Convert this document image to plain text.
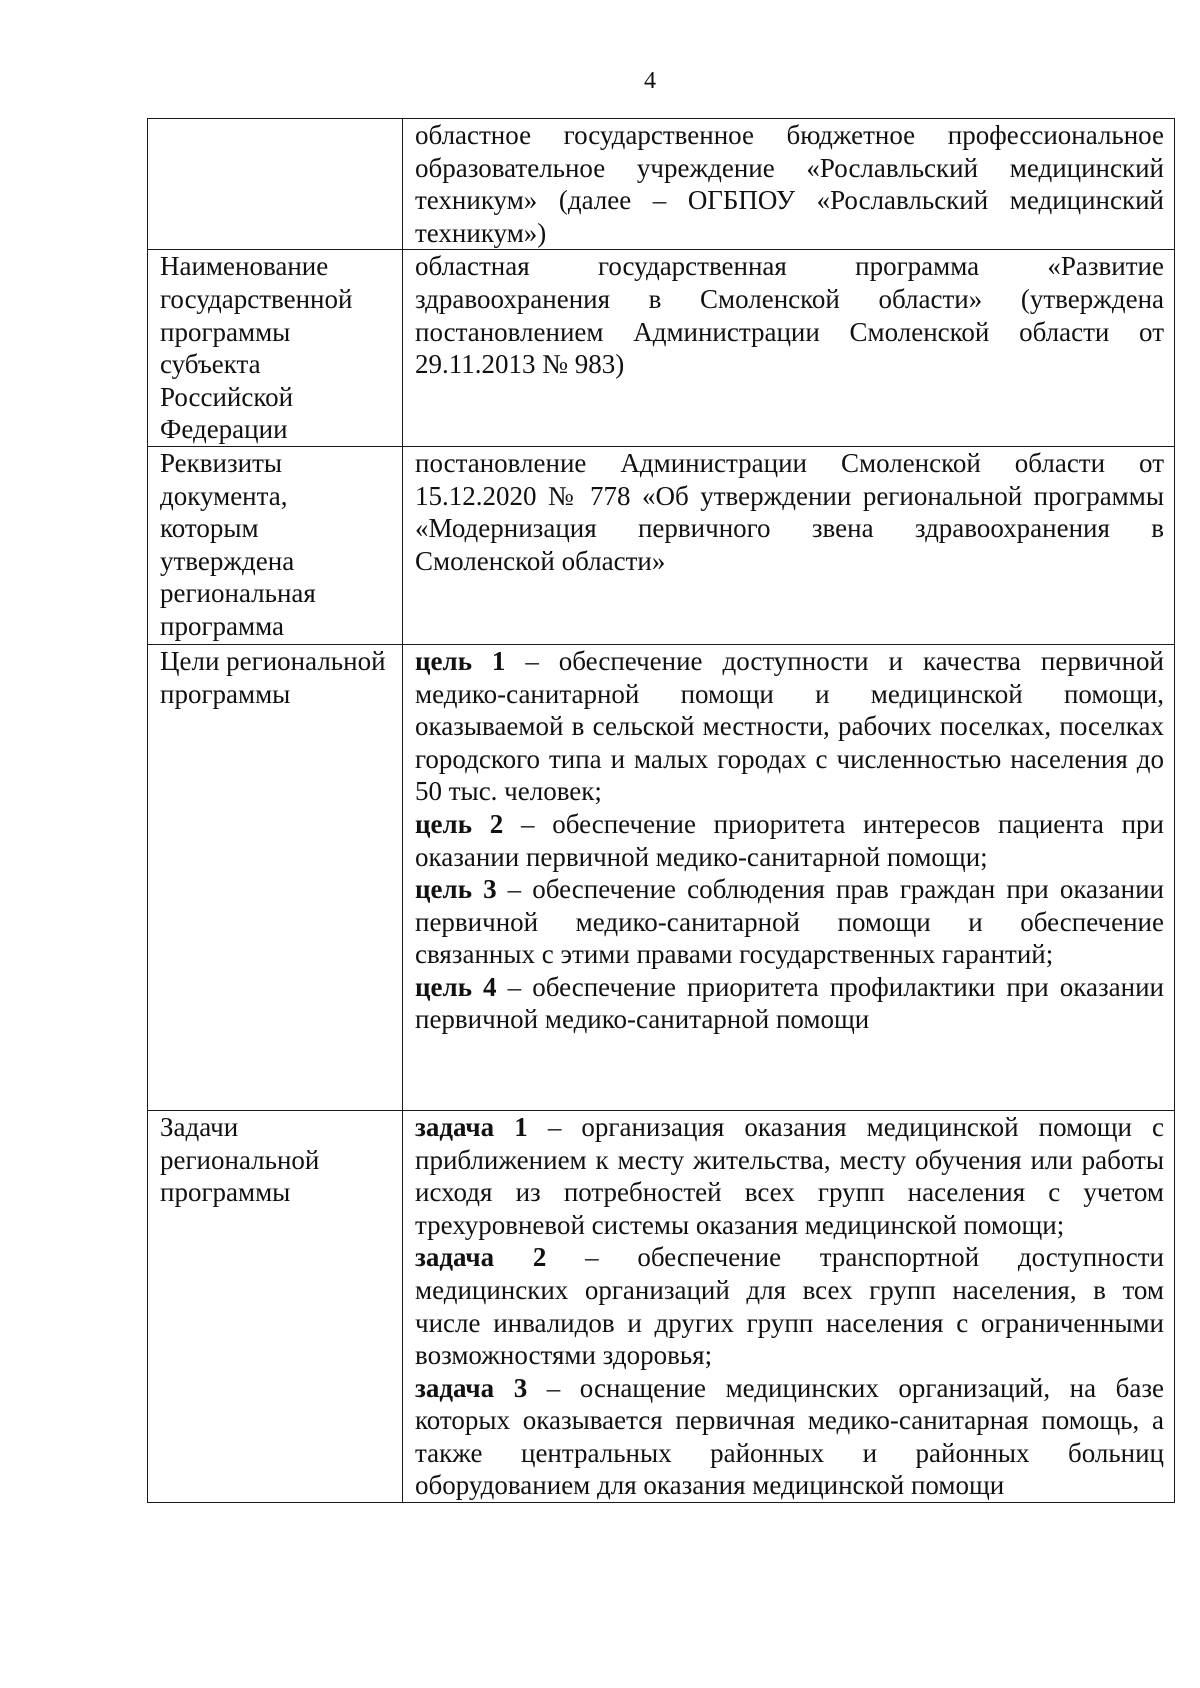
4

	областное государственное бюджетное профессиональное образовательное учреждение «Рославльский медицинский техникум» (далее – ОГБПОУ «Рославльский медицинский техникум»)

Наименование государственной программы субъекта Российской Федерации	областная государственная программа «Развитие здравоохранения в Смоленской области» (утверждена постановлением Администрации Смоленской области от 29.11.2013 № 983)

Реквизиты документа, которым утверждена региональная программа	постановление Администрации Смоленской области от 15.12.2020 № 778 «Об утверждении региональной программы «Модернизация первичного звена здравоохранения в Смоленской области»

Цели региональной программы	цель 1 – обеспечение доступности и качества первичной медико-санитарной помощи и медицинской помощи, оказываемой в сельской местности, рабочих поселках, поселках городского типа и малых городах с численностью населения до 50 тыс. человек;
цель 2 – обеспечение приоритета интересов пациента при оказании первичной медико-санитарной помощи;
цель 3 – обеспечение соблюдения прав граждан при оказании первичной медико-санитарной помощи и обеспечение связанных с этими правами государственных гарантий;
цель 4 – обеспечение приоритета профилактики при оказании первичной медико-санитарной помощи

Задачи региональной программы	задача 1 – организация оказания медицинской помощи с приближением к месту жительства, месту обучения или работы исходя из потребностей всех групп населения с учетом трехуровневой системы оказания медицинской помощи;
задача 2 – обеспечение транспортной доступности медицинских организаций для всех групп населения, в том числе инвалидов и других групп населения с ограниченными возможностями здоровья;
задача 3 – оснащение медицинских организаций, на базе которых оказывается первичная медико-санитарная помощь, а также центральных районных и районных больниц оборудованием для оказания медицинской помощи
